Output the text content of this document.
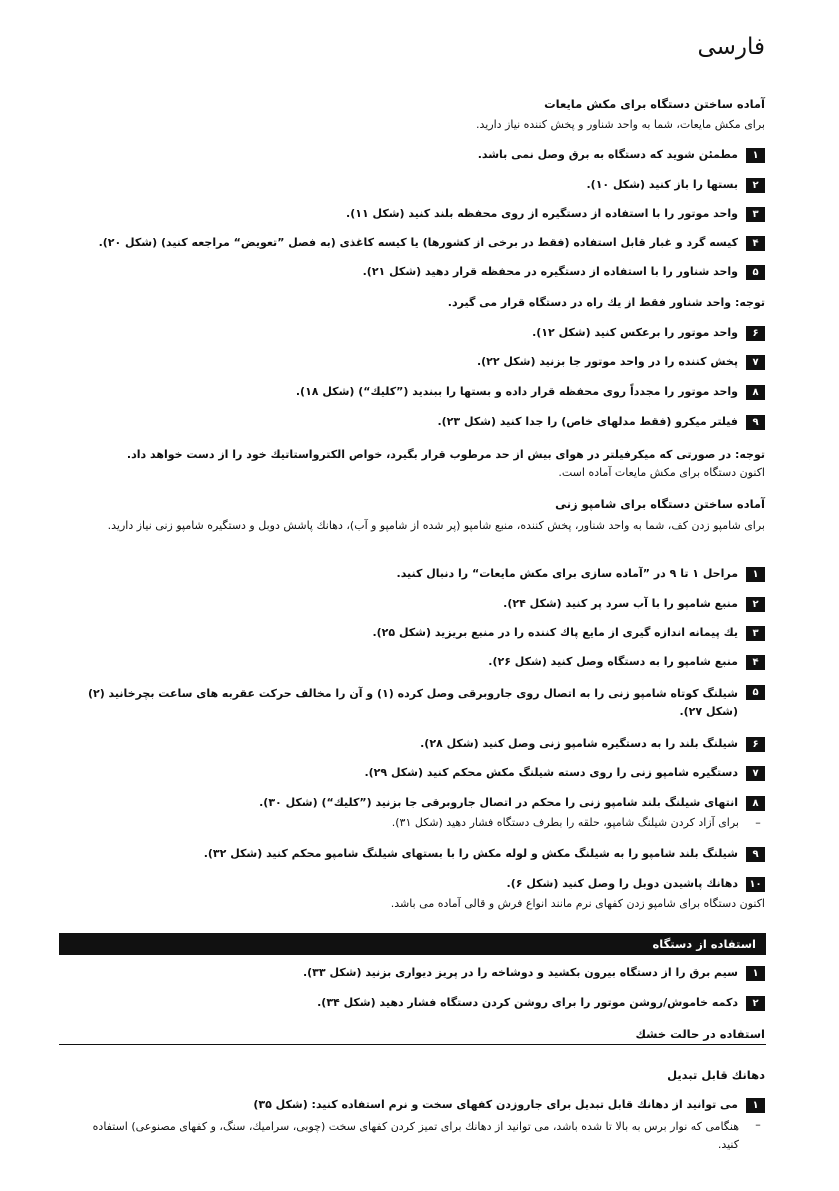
فارسی
آماده ساختن دستگاه برای مکش مایعات
برای مکش مایعات، شما به واحد شناور و پخش کننده نیاز دارید.
۱
مطمئن شوید که دستگاه به برق وصل نمی باشد.
۲
بستها را باز کنید (شکل ۱۰).
۳
واحد موتور را با استفاده از دستگیره از روی محفظه بلند کنید (شکل ۱۱).
۴
کیسه گرد و غبار قابل استفاده (فقط در برخی از کشورها) یا کیسه کاغذی (به فصل ”تعویض“ مراجعه کنید) (شکل ۲۰).
۵
واحد شناور را با استفاده از دستگیره در محفظه قرار دهید (شکل ۲۱).
توجه: واحد شناور فقط از یك راه در دستگاه قرار می گیرد.
۶
واحد موتور را برعکس کنید (شکل ۱۲).
۷
پخش کننده را در واحد موتور جا بزنید (شکل ۲۲).
۸
واحد موتور را مجدداً روی محفظه قرار داده و بستها را ببندید (”کلیك“) (شکل ۱۸).
۹
فیلتر میکرو (فقط مدلهای خاص) را جدا کنید (شکل ۲۳).
توجه: در صورتی که میکرفیلتر در هوای بیش از حد مرطوب قرار بگیرد، خواص الکترواستاتیك خود را از دست خواهد داد.
اکنون دستگاه برای مکش مایعات آماده است.
آماده ساختن دستگاه برای شامپو زنی
برای شامپو زدن کف، شما به واحد شناور، پخش کننده، منبع شامپو (پر شده از شامپو و آب)، دهانك پاشش دوبل و دستگیره شامپو زنی نیاز دارید.
۱
مراحل ۱ تا ۹ در ”آماده سازی برای مکش مایعات“ را دنبال کنید.
۲
منبع شامپو را با آب سرد پر کنید (شکل ۲۴).
۳
یك پیمانه اندازه گیری از مایع پاك کننده را در منبع بریزید (شکل ۲۵).
۴
منبع شامپو را به دستگاه وصل کنید (شکل ۲۶).
۵
شیلنگ کوتاه شامپو زنی را به اتصال روی جاروبرقی وصل کرده (۱) و آن را مخالف حرکت عقربه های ساعت بچرخانید (۲) (شکل ۲۷).
۶
شیلنگ بلند را به دستگیره شامپو زنی وصل کنید (شکل ۲۸).
۷
دستگیره شامپو زنی را روی دسته شیلنگ مکش محکم کنید (شکل ۲۹).
۸
انتهای شیلنگ بلند شامپو زنی را محکم در اتصال جاروبرقی جا بزنید (”کلیك“) (شکل ۳۰).
–
برای آزاد کردن شیلنگ شامپو، حلقه را بطرف دستگاه فشار دهید (شکل ۳۱).
۹
شیلنگ بلند شامپو را به شیلنگ مکش و لوله مکش را با بستهای شیلنگ شامپو محکم کنید (شکل ۳۲).
۱۰
دهانك پاشیدن دوبل را وصل کنید (شکل ۶).
اکنون دستگاه برای شامپو زدن کفهای نرم مانند انواع فرش و قالی آماده می باشد.
استفاده از دستگاه
۱
سیم برق را از دستگاه بیرون بکشید و دوشاخه را در پریز دیواری بزنید (شکل ۳۳).
۲
دکمه خاموش/روشن موتور را برای روشن کردن دستگاه فشار دهید (شکل ۳۴).
استفاده در حالت خشك
دهانك قابل تبدیل
۱
می توانید از دهانك قابل تبدیل برای جاروزدن کفهای سخت و نرم استفاده کنید: (شکل ۳۵)
–
هنگامی که نوار برس به بالا تا شده باشد، می توانید از دهانك برای تمیز کردن کفهای سخت (چوبی، سرامیك، سنگ، و کفهای مصنوعی) استفاده کنید.
